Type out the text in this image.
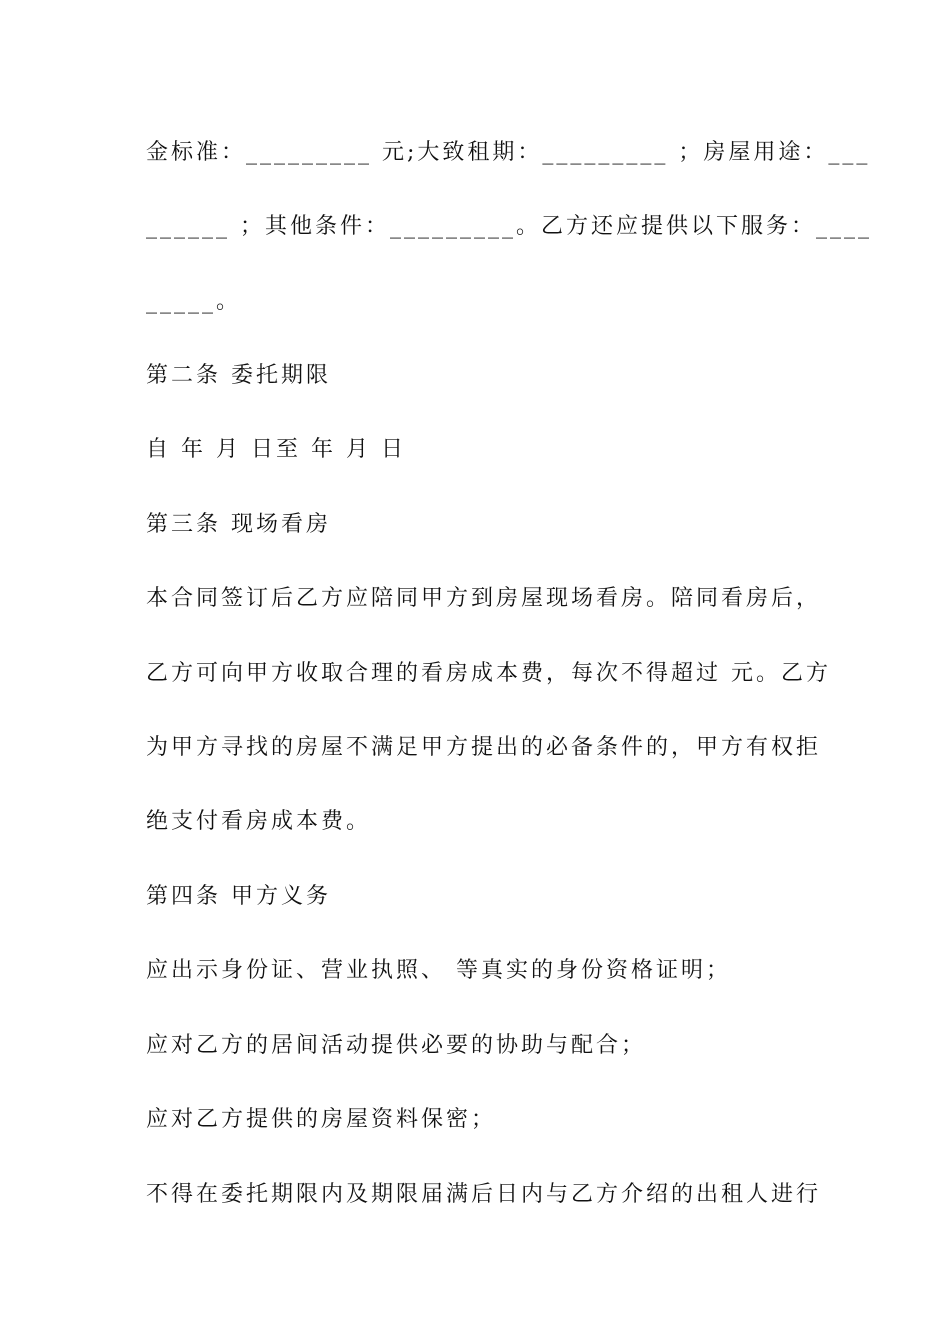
金标准：_________ 元;大致租期：_________ ；房屋用途：___
______ ；其他条件：_________。乙方还应提供以下服务：____
_____。
第二条 委托期限
自 年 月 日至 年 月 日
第三条 现场看房
本合同签订后乙方应陪同甲方到房屋现场看房。陪同看房后，
乙方可向甲方收取合理的看房成本费，每次不得超过 元。乙方
为甲方寻找的房屋不满足甲方提出的必备条件的，甲方有权拒
绝支付看房成本费。
第四条 甲方义务
应出示身份证、营业执照、 等真实的身份资格证明；
应对乙方的居间活动提供必要的协助与配合；
应对乙方提供的房屋资料保密；
不得在委托期限内及期限届满后日内与乙方介绍的出租人进行
